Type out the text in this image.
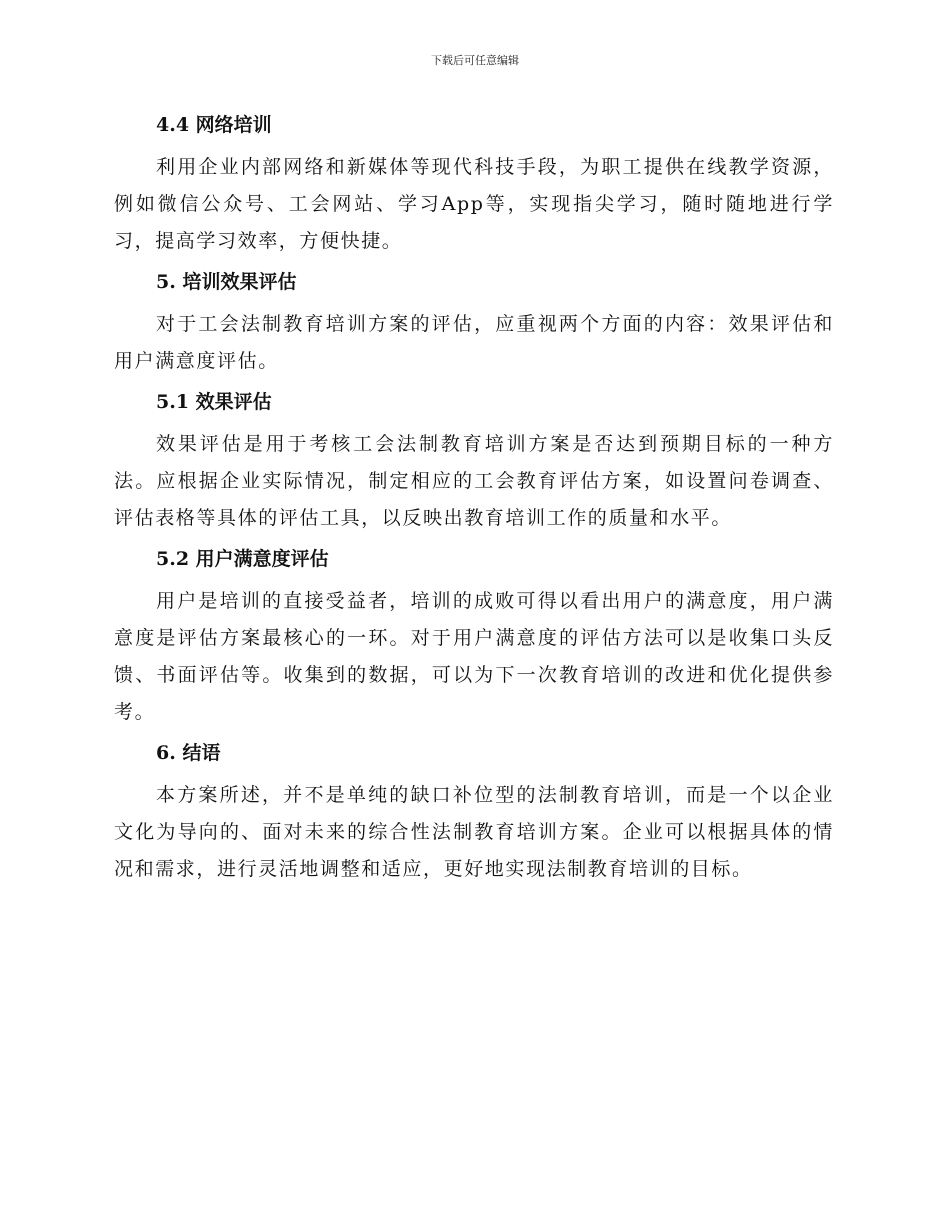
下载后可任意编辑
4.4 网络培训
利用企业内部网络和新媒体等现代科技手段，为职工提供在线教学资源，例如微信公众号、工会网站、学习App等，实现指尖学习，随时随地进行学习，提高学习效率，方便快捷。
5. 培训效果评估
对于工会法制教育培训方案的评估，应重视两个方面的内容：效果评估和用户满意度评估。
5.1 效果评估
效果评估是用于考核工会法制教育培训方案是否达到预期目标的一种方法。应根据企业实际情况，制定相应的工会教育评估方案，如设置问卷调查、评估表格等具体的评估工具，以反映出教育培训工作的质量和水平。
5.2 用户满意度评估
用户是培训的直接受益者，培训的成败可得以看出用户的满意度，用户满意度是评估方案最核心的一环。对于用户满意度的评估方法可以是收集口头反馈、书面评估等。收集到的数据，可以为下一次教育培训的改进和优化提供参考。
6. 结语
本方案所述，并不是单纯的缺口补位型的法制教育培训，而是一个以企业文化为导向的、面对未来的综合性法制教育培训方案。企业可以根据具体的情况和需求，进行灵活地调整和适应，更好地实现法制教育培训的目标。
